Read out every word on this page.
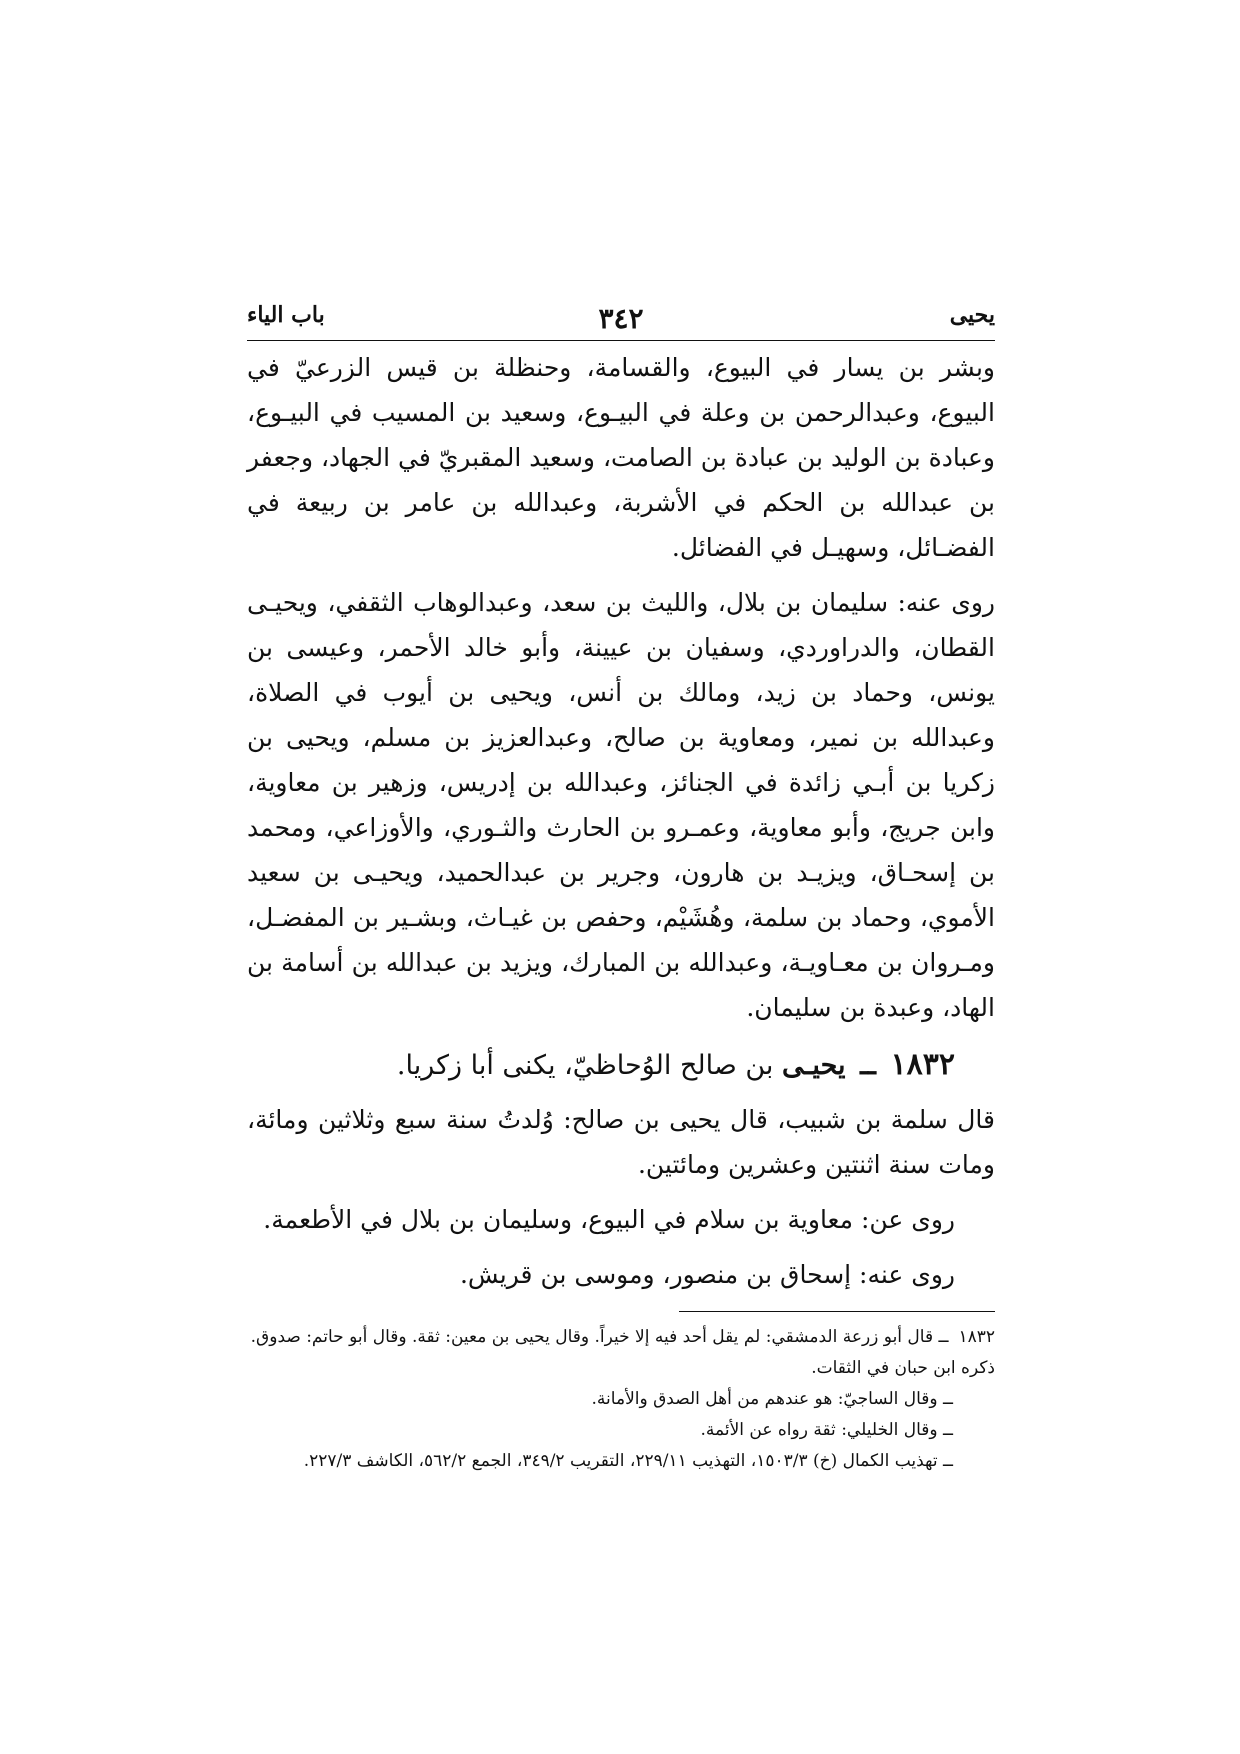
يحيى
٣٤٢
باب الياء

وبشر بن يسار في البيوع، والقسامة، وحنظلة بن قيس الزرعيّ في البيوع، وعبدالرحمن بن وعلة في البيـوع، وسعيد بن المسيب في البيـوع، وعبادة بن الوليد بن عبادة بن الصامت، وسعيد المقبريّ في الجهاد، وجعفر بن عبدالله بن الحكم في الأشربة، وعبدالله بن عامر بن ربيعة في الفضـائل، وسهيـل في الفضائل.

روى عنه: سليمان بن بلال، والليث بن سعد، وعبدالوهاب الثقفي، ويحيـى القطان، والدراوردي، وسفيان بن عيينة، وأبو خالد الأحمر، وعيسى بن يونس، وحماد بن زيد، ومالك بن أنس، ويحيى بن أيوب في الصلاة، وعبدالله بن نمير، ومعاوية بن صالح، وعبدالعزيز بن مسلم، ويحيى بن زكريا بن أبـي زائدة في الجنائز، وعبدالله بن إدريس، وزهير بن معاوية، وابن جريج، وأبو معاوية، وعمـرو بن الحارث والثـوري، والأوزاعي، ومحمد بن إسحـاق، ويزيـد بن هارون، وجرير بن عبدالحميد، ويحيـى بن سعيد الأموي، وحماد بن سلمة، وهُشَيْم، وحفص بن غيـاث، وبشـير بن المفضـل، ومـروان بن معـاويـة، وعبدالله بن المبارك، ويزيد بن عبدالله بن أسامة بن الهاد، وعبدة بن سليمان.

١٨٣٢ ــ يحيـى بن صالح الوُحاظيّ، يكنى أبا زكريا.

قال سلمة بن شبيب، قال يحيى بن صالح: وُلدتُ سنة سبع وثلاثين ومائة، ومات سنة اثنتين وعشرين ومائتين.

روى عن: معاوية بن سلام في البيوع، وسليمان بن بلال في الأطعمة.

روى عنه: إسحاق بن منصور، وموسى بن قريش.

١٨٣٢ــ قال أبو زرعة الدمشقي: لم يقل أحد فيه إلا خيراً. وقال يحيى بن معين: ثقة. وقال أبو حاتم: صدوق. ذكره ابن حبان في الثقات.

ــ وقال الساجيّ: هو عندهم من أهل الصدق والأمانة.

ــ وقال الخليلي: ثقة رواه عن الأئمة.

ــ تهذيب الكمال (خ) ١٥٠٣/٣، التهذيب ٢٢٩/١١، التقريب ٣٤٩/٢، الجمع ٥٦٢/٢، الكاشف ٢٢٧/٣.
